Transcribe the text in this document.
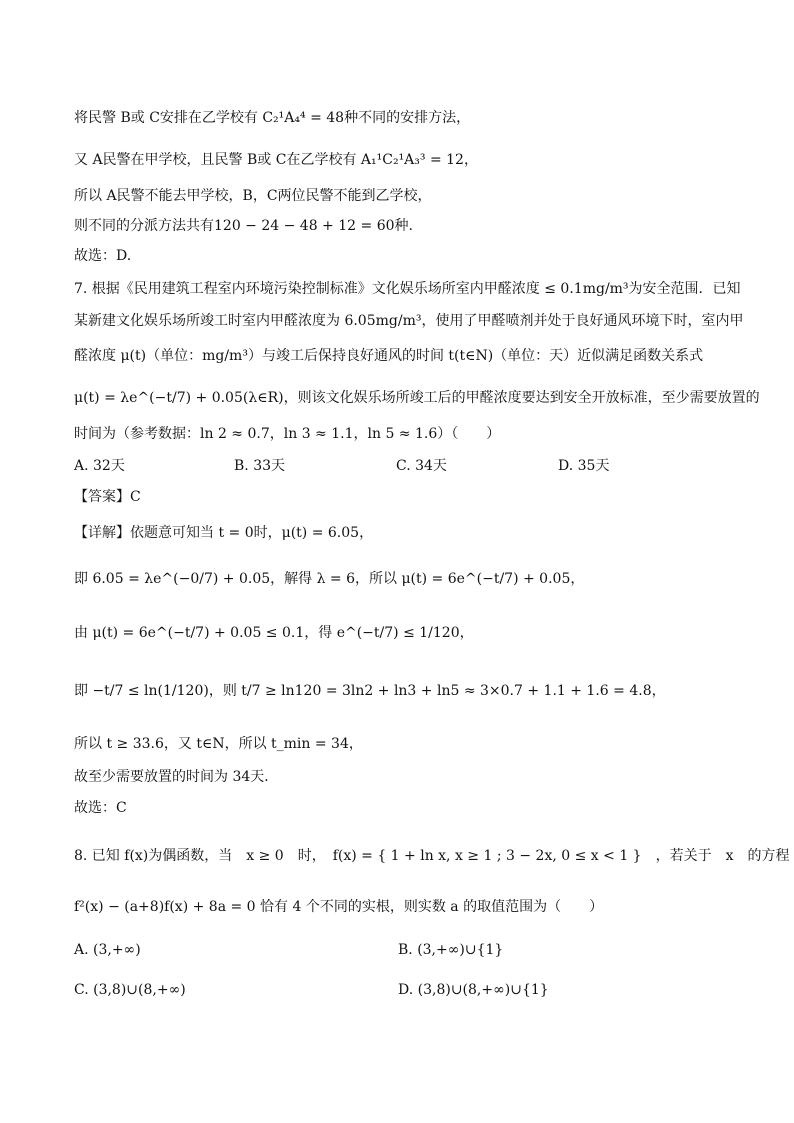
将民警 B或 C安排在乙学校有 C₂¹A₄⁴ = 48种不同的安排方法，
又 A民警在甲学校，且民警 B或 C在乙学校有 A₁¹C₂¹A₃³ = 12，
所以 A民警不能去甲学校，B，C两位民警不能到乙学校，
则不同的分派方法共有120 − 24 − 48 + 12 = 60种.
故选：D.
7. 根据《民用建筑工程室内环境污染控制标准》文化娱乐场所室内甲醛浓度 ≤ 0.1mg/m³为安全范围．已知
某新建文化娱乐场所竣工时室内甲醛浓度为 6.05mg/m³，使用了甲醛喷剂并处于良好通风环境下时，室内甲
醛浓度 μ(t)（单位：mg/m³）与竣工后保持良好通风的时间 t(t∈N)（单位：天）近似满足函数关系式
μ(t) = λe^(−t/7) + 0.05(λ∈R)，则该文化娱乐场所竣工后的甲醛浓度要达到安全开放标准，至少需要放置的
时间为（参考数据：ln 2 ≈ 0.7，ln 3 ≈ 1.1，ln 5 ≈ 1.6）（　　）
A. 32天	B. 33天	C. 34天	D. 35天
【答案】C
【详解】依题意可知当 t = 0时，μ(t) = 6.05，
即 6.05 = λe^(−0/7) + 0.05，解得 λ = 6，所以 μ(t) = 6e^(−t/7) + 0.05，
由 μ(t) = 6e^(−t/7) + 0.05 ≤ 0.1，得 e^(−t/7) ≤ 1/120，
即 −t/7 ≤ ln(1/120)，则 t/7 ≥ ln120 = 3ln2 + ln3 + ln5 ≈ 3×0.7 + 1.1 + 1.6 = 4.8，
所以 t ≥ 33.6，又 t∈N，所以 t_min = 34，
故至少需要放置的时间为 34天．
故选：C
8. 已知 f(x)为偶函数，当　x ≥ 0　时，　f(x) = { 1 + ln x, x ≥ 1 ; 3 − 2x, 0 ≤ x < 1 }　，若关于　x　的方程
f²(x) − (a+8)f(x) + 8a = 0 恰有 4 个不同的实根，则实数 a 的取值范围为（　　）
A. (3,+∞)	B. (3,+∞)∪{1}
C. (3,8)∪(8,+∞)	D. (3,8)∪(8,+∞)∪{1}
